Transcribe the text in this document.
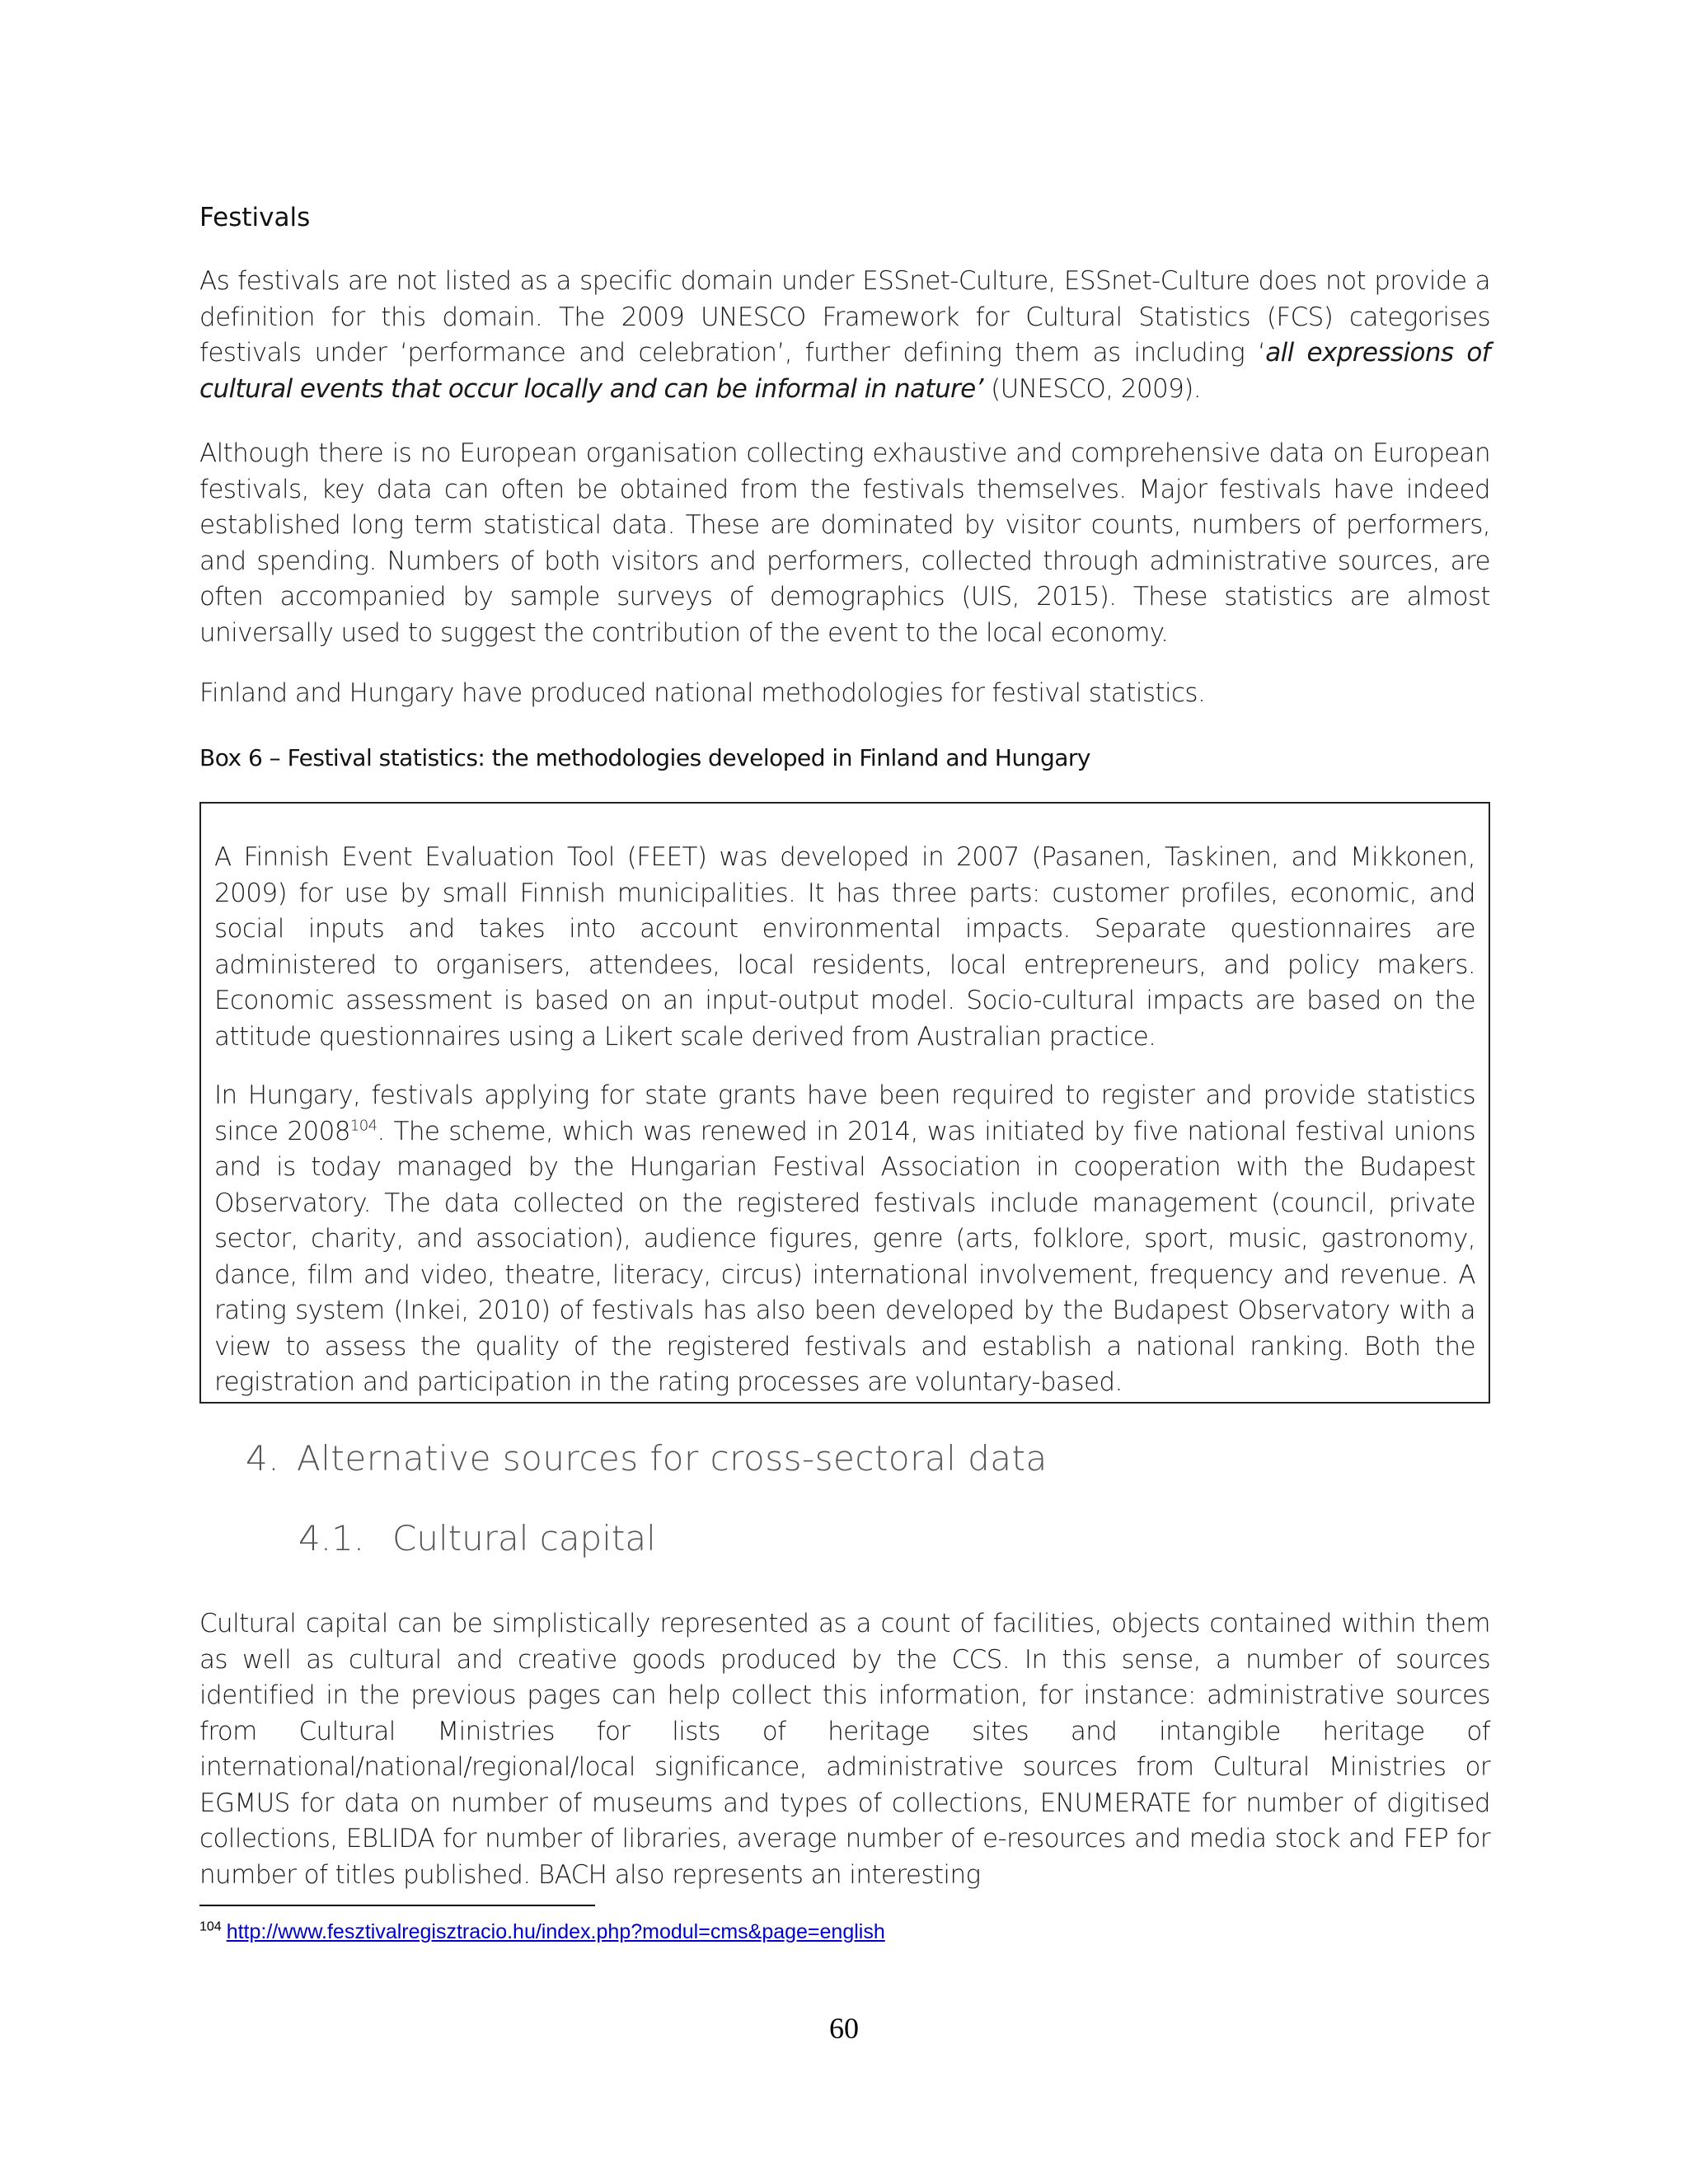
Festivals

As festivals are not listed as a specific domain under ESSnet-Culture, ESSnet-Culture does not provide a definition for this domain. The 2009 UNESCO Framework for Cultural Statistics (FCS) categorises festivals under ‘performance and celebration’, further defining them as including ‘all expressions of cultural events that occur locally and can be informal in nature’ (UNESCO, 2009).

Although there is no European organisation collecting exhaustive and comprehensive data on European festivals, key data can often be obtained from the festivals themselves. Major festivals have indeed established long term statistical data. These are dominated by visitor counts, numbers of performers, and spending. Numbers of both visitors and performers, collected through administrative sources, are often accompanied by sample surveys of demographics (UIS, 2015). These statistics are almost universally used to suggest the contribution of the event to the local economy.

Finland and Hungary have produced national methodologies for festival statistics.

Box 6 – Festival statistics: the methodologies developed in Finland and Hungary

A Finnish Event Evaluation Tool (FEET) was developed in 2007 (Pasanen, Taskinen, and Mikkonen, 2009) for use by small Finnish municipalities. It has three parts: customer profiles, economic, and social inputs and takes into account environmental impacts. Separate questionnaires are administered to organisers, attendees, local residents, local entrepreneurs, and policy makers. Economic assessment is based on an input-output model. Socio-cultural impacts are based on the attitude questionnaires using a Likert scale derived from Australian practice.

In Hungary, festivals applying for state grants have been required to register and provide statistics since 2008$^{104}$. The scheme, which was renewed in 2014, was initiated by five national festival unions and is today managed by the Hungarian Festival Association in cooperation with the Budapest Observatory. The data collected on the registered festivals include management (council, private sector, charity, and association), audience figures, genre (arts, folklore, sport, music, gastronomy, dance, film and video, theatre, literacy, circus) international involvement, frequency and revenue. A rating system (Inkei, 2010) of festivals has also been developed by the Budapest Observatory with a view to assess the quality of the registered festivals and establish a national ranking. Both the registration and participation in the rating processes are voluntary-based.

4. Alternative sources for cross-sectoral data
4.1. Cultural capital

Cultural capital can be simplistically represented as a count of facilities, objects contained within them as well as cultural and creative goods produced by the CCS. In this sense, a number of sources identified in the previous pages can help collect this information, for instance: administrative sources from Cultural Ministries for lists of heritage sites and intangible heritage of international/national/regional/local significance, administrative sources from Cultural Ministries or EGMUS for data on number of museums and types of collections, ENUMERATE for number of digitised collections, EBLIDA for number of libraries, average number of e-resources and media stock and FEP for number of titles published. BACH also represents an interesting

$^{104}$ http://www.fesztivalregisztracio.hu/index.php?modul=cms&page=english
60
